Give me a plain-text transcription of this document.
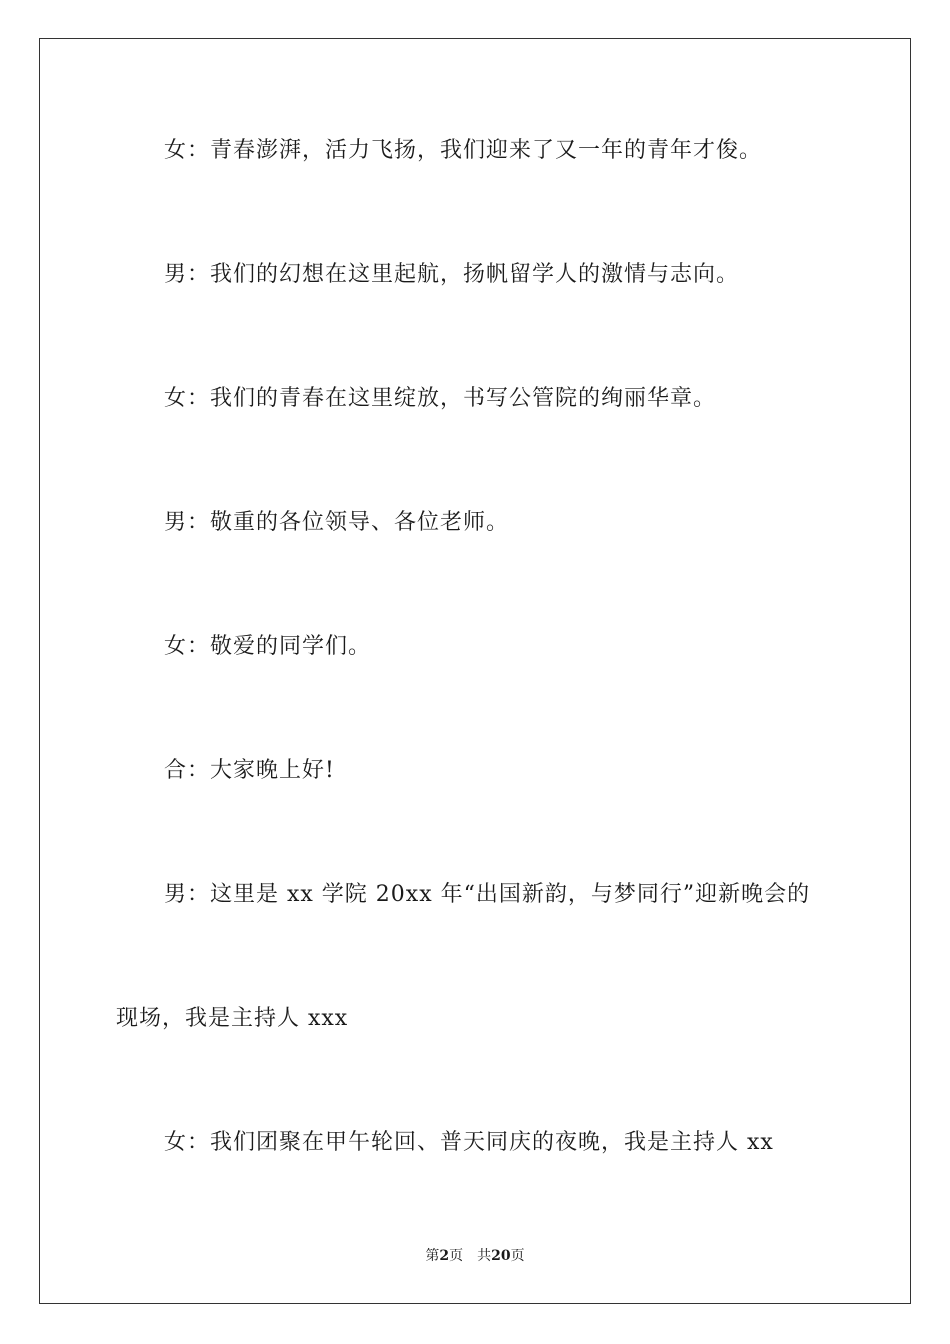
女：青春澎湃，活力飞扬，我们迎来了又一年的青年才俊。
男：我们的幻想在这里起航，扬帆留学人的激情与志向。
女：我们的青春在这里绽放，书写公管院的绚丽华章。
男：敬重的各位领导、各位老师。
女：敬爱的同学们。
合：大家晚上好!
男：这里是 xx 学院 20xx 年“出国新韵，与梦同行”迎新晚会的
现场，我是主持人 xxx
女：我们团聚在甲午轮回、普天同庆的夜晚，我是主持人 xx
第2页 共20页
